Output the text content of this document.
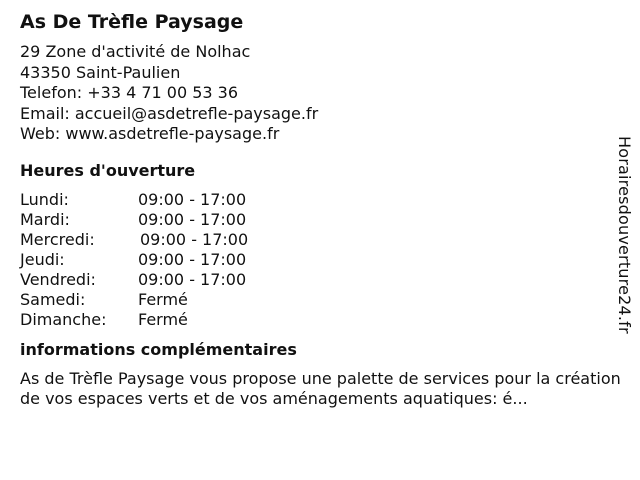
As De Trèfle Paysage
29 Zone d'activité de Nolhac
43350 Saint-Paulien
Telefon: +33 4 71 00 53 36
Email: accueil@asdetrefle-paysage.fr
Web: www.asdetrefle-paysage.fr
Heures d'ouverture
Lundi:	09:00 - 17:00
Mardi:	09:00 - 17:00
Mercredi:	09:00 - 17:00
Jeudi:	09:00 - 17:00
Vendredi:	09:00 - 17:00
Samedi:	Fermé
Dimanche:	Fermé
informations complémentaires
As de Trèfle Paysage vous propose une palette de services pour la création de vos espaces verts et de vos aménagements aquatiques: é...
Horairesdouverture24.fr
